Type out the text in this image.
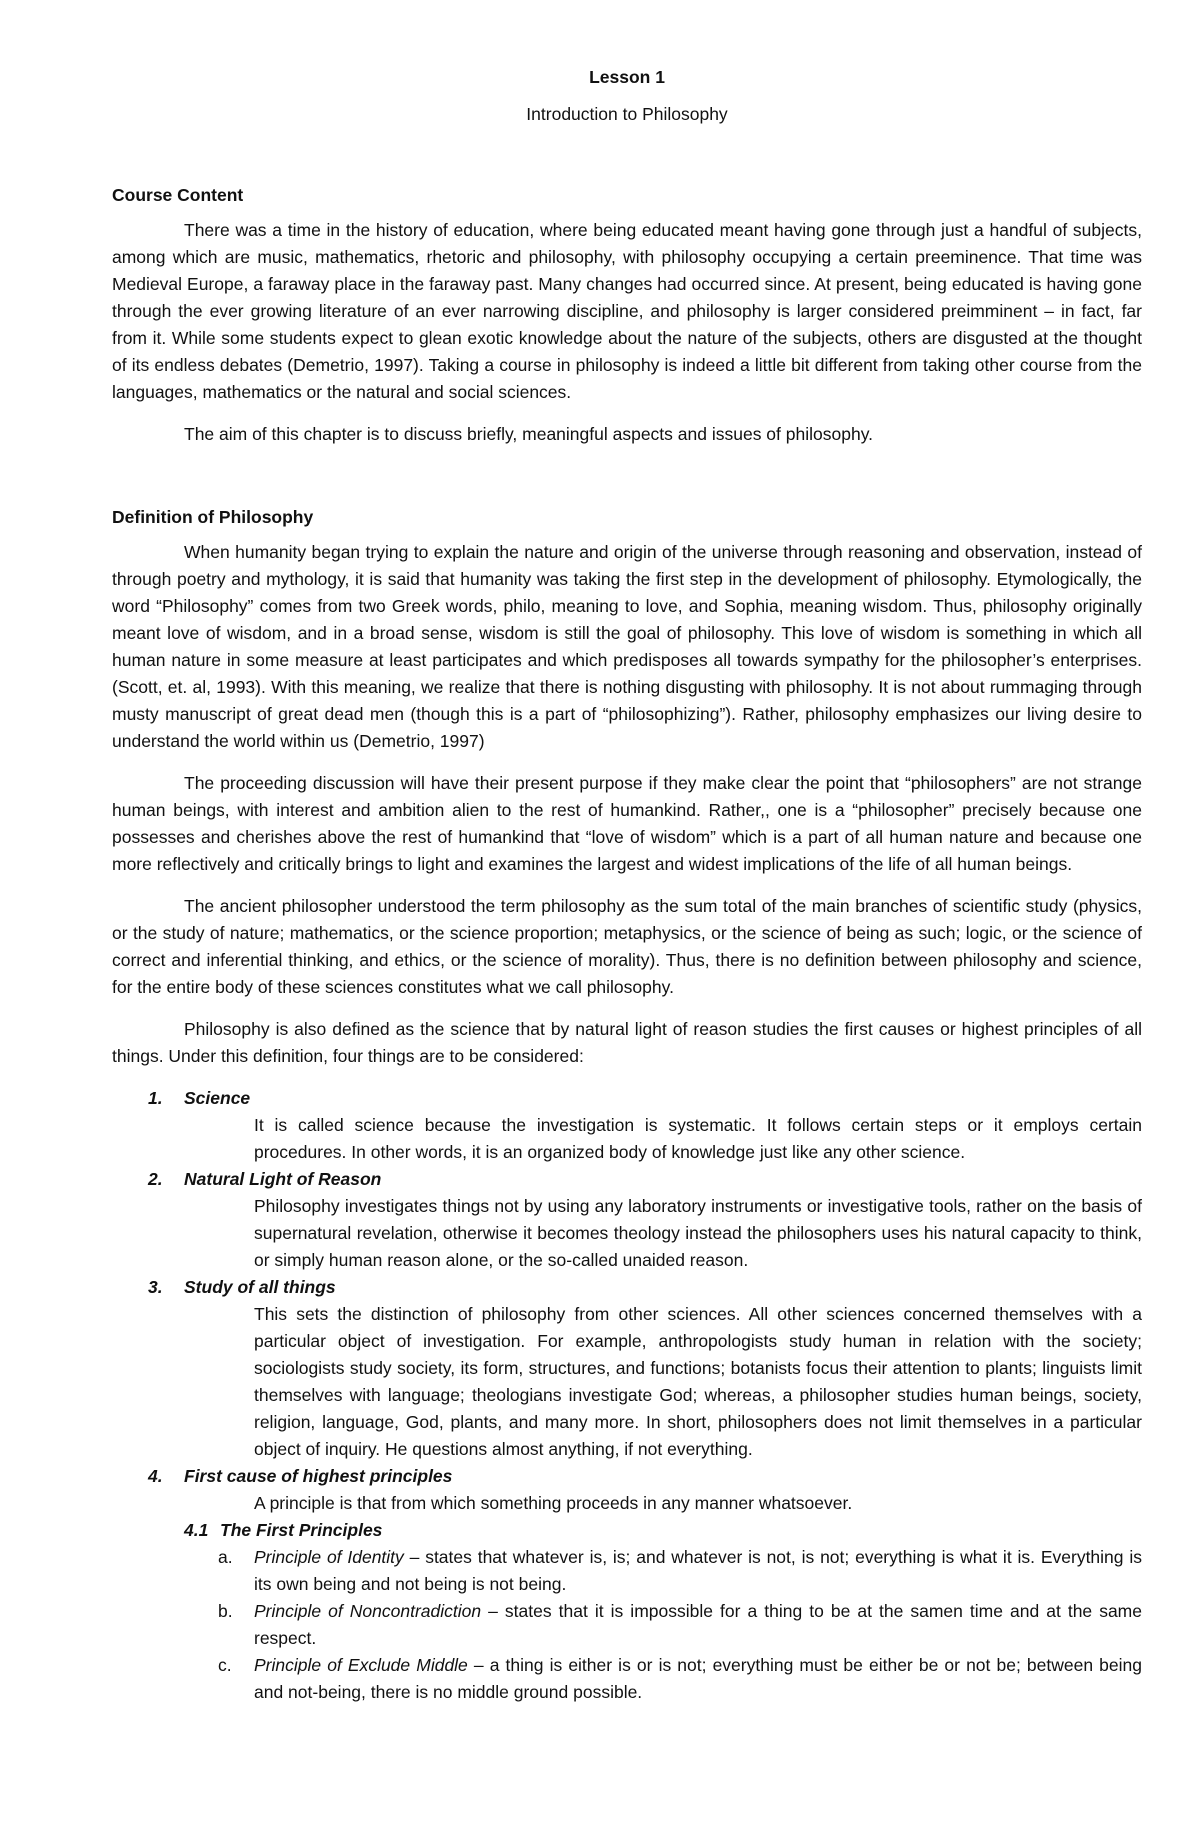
Lesson 1
Introduction to Philosophy
Course Content

There was a time in the history of education, where being educated meant having gone through just a handful of subjects, among which are music, mathematics, rhetoric and philosophy, with philosophy occupying a certain preeminence. That time was Medieval Europe, a faraway place in the faraway past. Many changes had occurred since. At present, being educated is having gone through the ever growing literature of an ever narrowing discipline, and philosophy is larger considered preimminent – in fact, far from it. While some students expect to glean exotic knowledge about the nature of the subjects, others are disgusted at the thought of its endless debates (Demetrio, 1997). Taking a course in philosophy is indeed a little bit different from taking other course from the languages, mathematics or the natural and social sciences.

The aim of this chapter is to discuss briefly, meaningful aspects and issues of philosophy.

Definition of Philosophy

When humanity began trying to explain the nature and origin of the universe through reasoning and observation, instead of through poetry and mythology, it is said that humanity was taking the first step in the development of philosophy. Etymologically, the word “Philosophy” comes from two Greek words, philo, meaning to love, and Sophia, meaning wisdom. Thus, philosophy originally meant love of wisdom, and in a broad sense, wisdom is still the goal of philosophy. This love of wisdom is something in which all human nature in some measure at least participates and which predisposes all towards sympathy for the philosopher’s enterprises.(Scott, et. al, 1993). With this meaning, we realize that there is nothing disgusting with philosophy. It is not about rummaging through musty manuscript of great dead men (though this is a part of “philosophizing”). Rather, philosophy emphasizes our living desire to understand the world within us (Demetrio, 1997)

The proceeding discussion will have their present purpose if they make clear the point that “philosophers” are not strange human beings, with interest and ambition alien to the rest of humankind. Rather,, one is a “philosopher” precisely because one possesses and cherishes above the rest of humankind that “love of wisdom” which is a part of all human nature and because one more reflectively and critically brings to light and examines the largest and widest implications of the life of all human beings.

The ancient philosopher understood the term philosophy as the sum total of the main branches of scientific study (physics, or the study of nature; mathematics, or the science proportion; metaphysics, or the science of being as such; logic, or the science of correct and inferential thinking, and ethics, or the science of morality). Thus, there is no definition between philosophy and science, for the entire body of these sciences constitutes what we call philosophy.

Philosophy is also defined as the science that by natural light of reason studies the first causes or highest principles of all things. Under this definition, four things are to be considered:

1.	Science
It is called science because the investigation is systematic. It follows certain steps or it employs certain procedures. In other words, it is an organized body of knowledge just like any other science.
2.	Natural Light of Reason
Philosophy investigates things not by using any laboratory instruments or investigative tools, rather on the basis of supernatural revelation, otherwise it becomes theology instead the philosophers uses his natural capacity to think, or simply human reason alone, or the so-called unaided reason.
3.	Study of all things
This sets the distinction of philosophy from other sciences. All other sciences concerned themselves with a particular object of investigation. For example, anthropologists study human in relation with the society; sociologists study society, its form, structures, and functions; botanists focus their attention to plants; linguists limit themselves with language; theologians investigate God; whereas, a philosopher studies human beings, society, religion, language, God, plants, and many more. In short, philosophers does not limit themselves in a particular object of inquiry. He questions almost anything, if not everything.
4.	First cause of highest principles
A principle is that from which something proceeds in any manner whatsoever.
4.1 The First Principles
a.	Principle of Identity – states that whatever is, is; and whatever is not, is not; everything is what it is. Everything is its own being and not being is not being.
b.	Principle of Noncontradiction – states that it is impossible for a thing to be at the samen time and at the same respect.
c.	Principle of Exclude Middle – a thing is either is or is not; everything must be either be or not be; between being and not-being, there is no middle ground possible.
